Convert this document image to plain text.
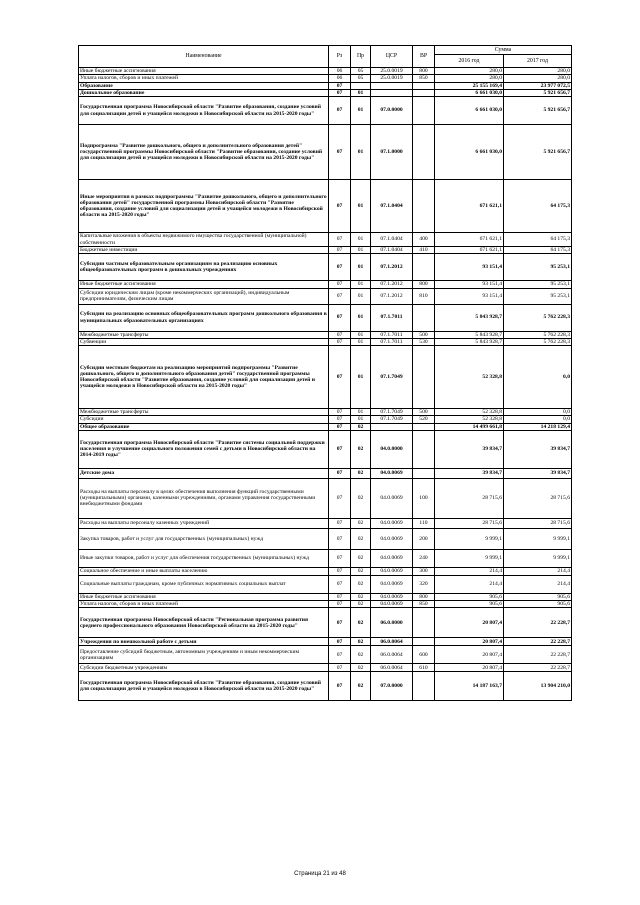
Наименование	Рз	Пр	ЦСР	ВР	Сумма	
					2016 год	2017 год
Иные бюджетные ассигнования	06	05	25.0.0019	800	280,0	280,0
Уплата налогов, сборов и иных платежей	06	05	25.0.0019	850	280,0	280,0
Образование	07				25 155 169,4	23 977 072,5
Дошкольное образование	07	01			6 661 030,0	5 921 656,7
Государственная программа Новосибирской области "Развитие образования, создание условий для социализации детей и учащейся молодежи в Новосибирской области на 2015-2020 годы"	07	01	07.0.0000		6 661 030,0	5 921 656,7
Подпрограмма "Развитие дошкольного, общего и дополнительного образования детей" государственной программы Новосибирской области "Развитие образования, создание условий для социализации детей и учащейся молодежи в Новосибирской области на 2015-2020 годы"	07	01	07.1.0000		6 661 030,0	5 921 656,7
Иные мероприятия в рамках подпрограммы "Развитие дошкольного, общего и дополнительного образования детей" государственной программы Новосибирской области "Развитие образования, создание условий для социализации детей и учащейся молодежи в Новосибирской области на 2015-2020 годы"	07	01	07.1.0404		671 621,1	64 175,3
Капитальные вложения в объекты недвижимого имущества государственной (муниципальной) собственности	07	01	07.1.0404	400	671 621,1	64 175,3
Бюджетные инвестиции	07	01	07.1.0404	410	671 621,1	64 175,3
Субсидии частным образовательным организациям на реализацию основных общеобразовательных программ в дошкольных учреждениях	07	01	07.1.2012		93 151,4	95 253,1
Иные бюджетные ассигнования	07	01	07.1.2012	800	93 151,4	95 253,1
Субсидии юридическим лицам (кроме некоммерческих организаций), индивидуальным предпринимателям, физическим лицам	07	01	07.1.2012	810	93 151,4	95 253,1
Субсидии на реализацию основных общеобразовательных программ дошкольного образования в муниципальных образовательных организациях	07	01	07.1.7011		5 843 928,7	5 762 228,3
Межбюджетные трансферты	07	01	07.1.7011	500	5 843 928,7	5 762 228,3
Субвенции	07	01	07.1.7011	530	5 843 928,7	5 762 228,3
Субсидии местным бюджетам на реализацию мероприятий подпрограммы "Развитие дошкольного, общего и дополнительного образования детей" государственной программы Новосибирской области "Развитие образования, создание условий для социализации детей и учащейся молодежи в Новосибирской области на 2015-2020 годы"	07	01	07.1.7049		52 328,8	0,0
Межбюджетные трансферты	07	01	07.1.7049	500	52 328,8	0,0
Субсидии	07	01	07.1.7049	520	52 328,8	0,0
Общее образование	07	02			14 499 661,8	14 218 129,4
Государственная программа Новосибирской области "Развитие системы социальной поддержки населения и улучшение социального положения семей с детьми в Новосибирской области на 2014-2019 годы"	07	02	04.0.0000		39 834,7	39 834,7
Детские дома	07	02	04.0.0069		39 834,7	39 834,7
Расходы на выплаты персоналу в целях обеспечения выполнения функций государственными (муниципальными) органами, казенными учреждениями, органами управления государственными внебюджетными фондами	07	02	04.0.0069	100	28 715,6	28 715,6
Расходы на выплаты персоналу казенных учреждений	07	02	04.0.0069	110	28 715,6	28 715,6
Закупка товаров, работ и услуг для государственных (муниципальных) нужд	07	02	04.0.0069	200	9 999,1	9 999,1
Иные закупки товаров, работ и услуг для обеспечения государственных (муниципальных) нужд	07	02	04.0.0069	240	9 999,1	9 999,1
Социальное обеспечение и иные выплаты населению	07	02	04.0.0069	300	214,4	214,4
Социальные выплаты гражданам, кроме публичных нормативных социальных выплат	07	02	04.0.0069	320	214,4	214,4
Иные бюджетные ассигнования	07	02	04.0.0069	800	905,6	905,6
Уплата налогов, сборов и иных платежей	07	02	04.0.0069	850	905,6	905,6
Государственная программа Новосибирской области "Региональная программа развития среднего профессионального образования Новосибирской области на 2015-2020 годы"	07	02	06.0.0000		20 807,4	22 228,7
Учреждения по внешкольной работе с детьми	07	02	06.0.0064		20 807,4	22 228,7
Предоставление субсидий бюджетным, автономным учреждениям и иным некоммерческим организациям	07	02	06.0.0064	600	20 807,4	22 228,7
Субсидии бюджетным учреждениям	07	02	06.0.0064	610	20 807,4	22 228,7
Государственная программа Новосибирской области "Развитие образования, создание условий для социализации детей и учащейся молодежи в Новосибирской области на 2015-2020 годы"	07	02	07.0.0000		14 187 163,7	13 904 210,0
Страница 21 из 48
